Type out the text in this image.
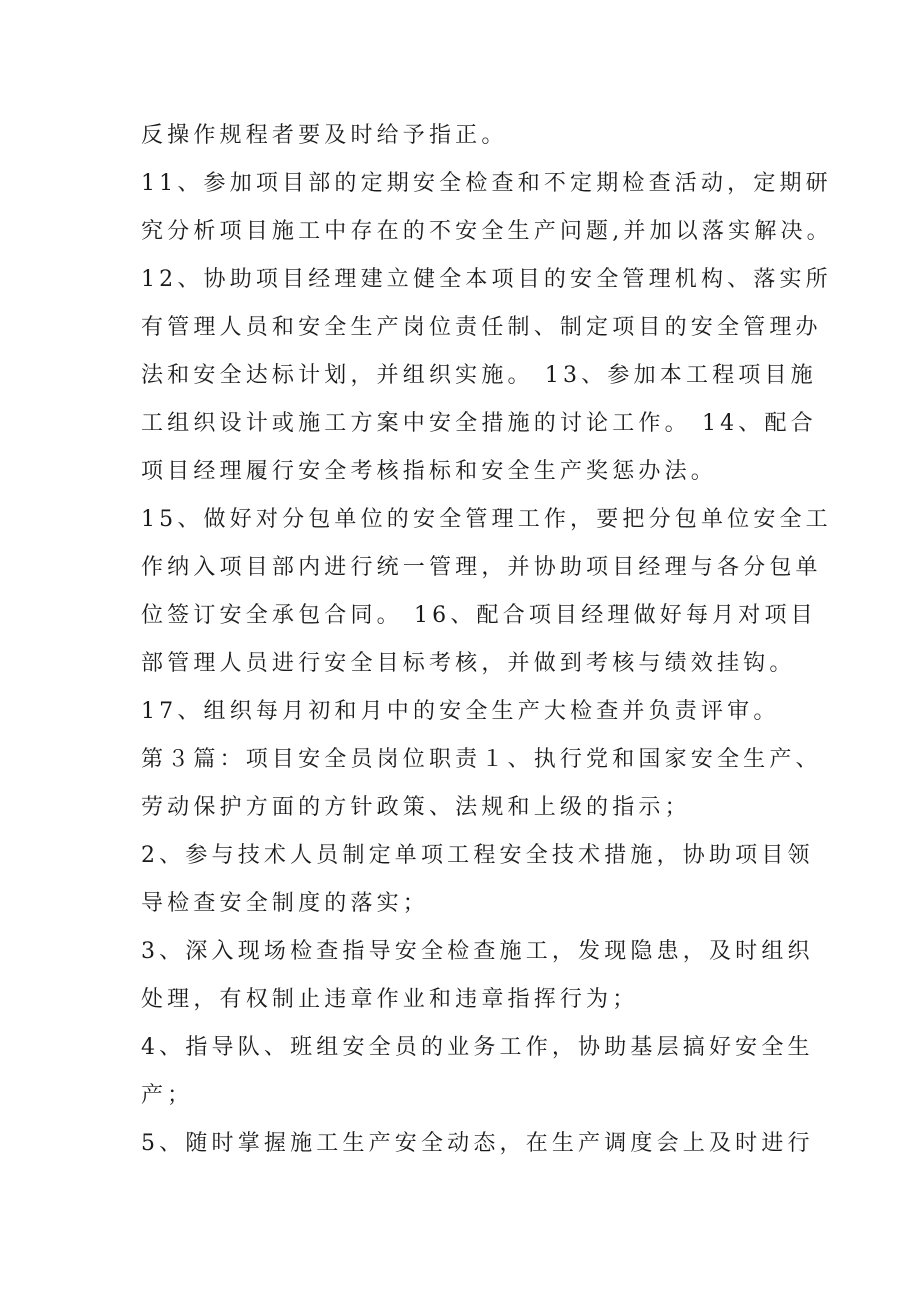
反操作规程者要及时给予指正。
11、参加项目部的定期安全检查和不定期检查活动，定期研
究分析项目施工中存在的不安全生产问题,并加以落实解决。
12、协助项目经理建立健全本项目的安全管理机构、落实所
有管理人员和安全生产岗位责任制、制定项目的安全管理办
法和安全达标计划，并组织实施。 13、参加本工程项目施
工组织设计或施工方案中安全措施的讨论工作。 14、配合
项目经理履行安全考核指标和安全生产奖惩办法。
15、做好对分包单位的安全管理工作，要把分包单位安全工
作纳入项目部内进行统一管理，并协助项目经理与各分包单
位签订安全承包合同。 16、配合项目经理做好每月对项目
部管理人员进行安全目标考核，并做到考核与绩效挂钩。
17、组织每月初和月中的安全生产大检查并负责评审。
第３篇：项目安全员岗位职责１、执行党和国家安全生产、
劳动保护方面的方针政策、法规和上级的指示；
2、参与技术人员制定单项工程安全技术措施，协助项目领
导检查安全制度的落实；
3、深入现场检查指导安全检查施工，发现隐患，及时组织
处理，有权制止违章作业和违章指挥行为；
4、指导队、班组安全员的业务工作，协助基层搞好安全生
产；
5、随时掌握施工生产安全动态，在生产调度会上及时进行
